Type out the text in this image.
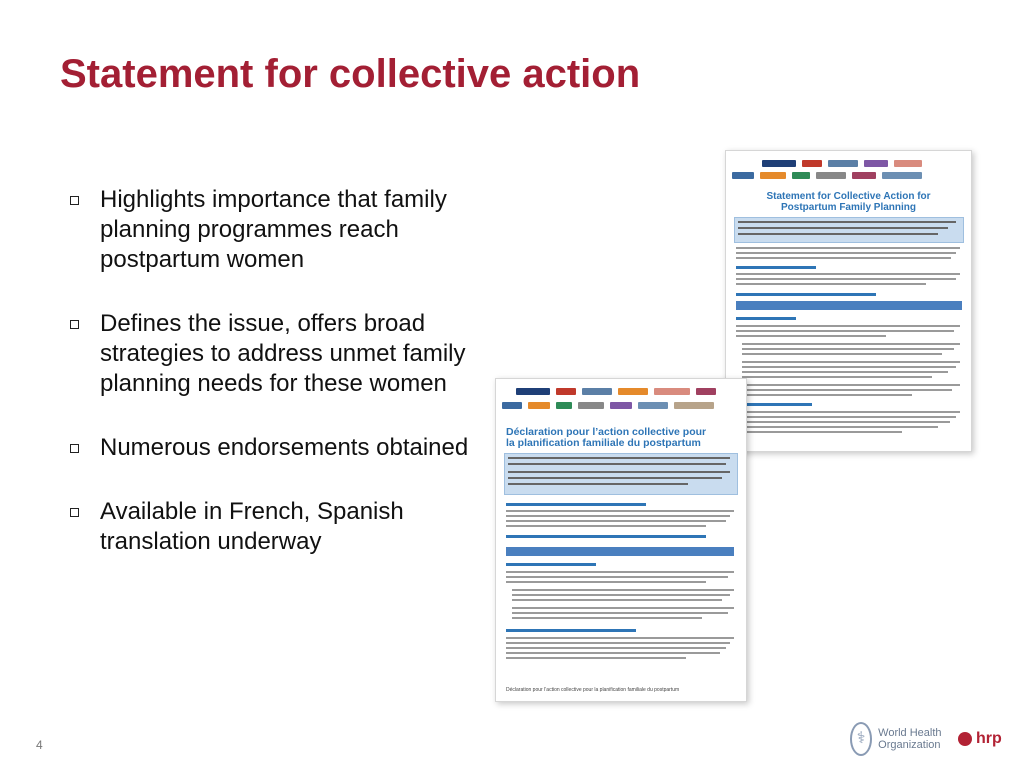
Statement for collective action
Highlights importance that family planning programmes reach postpartum women
Defines the issue, offers broad strategies to address unmet family planning needs for these women
Numerous endorsements obtained
Available in French, Spanish translation underway
Statement for Collective Action for Postpartum Family Planning
Déclaration pour l’action collective pour la planification familiale du postpartum
Déclaration pour l’action collective pour la planification familiale du postpartum
4	⚕	World Health Organization	hrp
